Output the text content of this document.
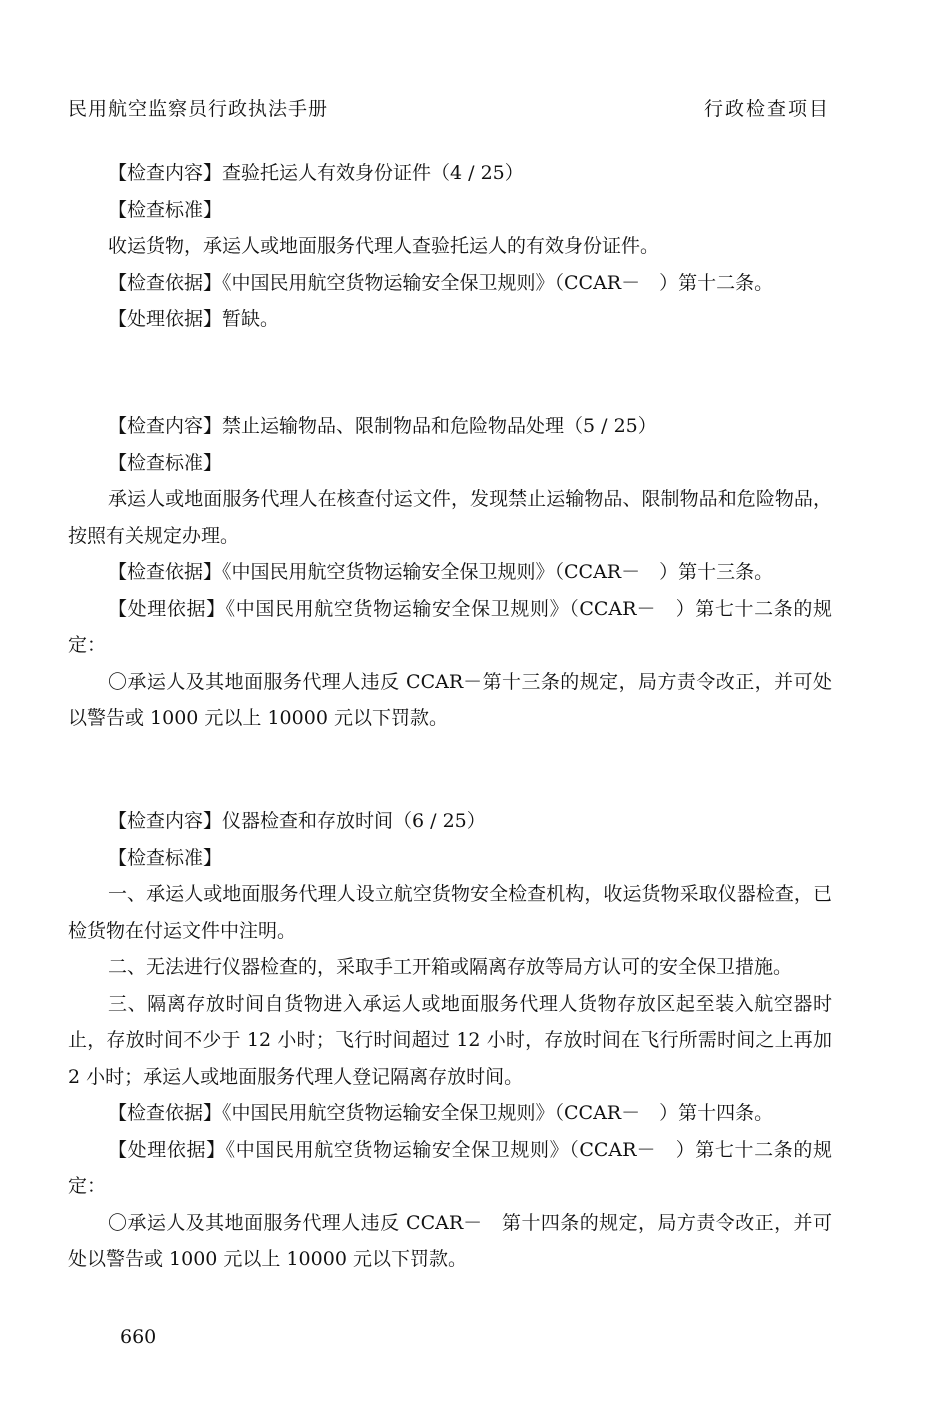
民用航空监察员行政执法手册	行政检查项目

【检查内容】查验托运人有效身份证件（4 / 25）

【检查标准】

收运货物，承运人或地面服务代理人查验托运人的有效身份证件。

【检查依据】《中国民用航空货物运输安全保卫规则》（CCAR－　）第十二条。

【处理依据】暂缺。

【检查内容】禁止运输物品、限制物品和危险物品处理（5 / 25）

【检查标准】

承运人或地面服务代理人在核查付运文件，发现禁止运输物品、限制物品和危险物品，按照有关规定办理。

【检查依据】《中国民用航空货物运输安全保卫规则》（CCAR－　）第十三条。

【处理依据】《中国民用航空货物运输安全保卫规则》（CCAR－　）第七十二条的规定：

〇承运人及其地面服务代理人违反 CCAR－第十三条的规定，局方责令改正，并可处以警告或 1000 元以上 10000 元以下罚款。

【检查内容】仪器检查和存放时间（6 / 25）

【检查标准】

一、承运人或地面服务代理人设立航空货物安全检查机构，收运货物采取仪器检查，已检货物在付运文件中注明。

二、无法进行仪器检查的，采取手工开箱或隔离存放等局方认可的安全保卫措施。

三、隔离存放时间自货物进入承运人或地面服务代理人货物存放区起至装入航空器时止，存放时间不少于 12 小时；飞行时间超过 12 小时，存放时间在飞行所需时间之上再加 2 小时；承运人或地面服务代理人登记隔离存放时间。

【检查依据】《中国民用航空货物运输安全保卫规则》（CCAR－　）第十四条。

【处理依据】《中国民用航空货物运输安全保卫规则》（CCAR－　）第七十二条的规定：

〇承运人及其地面服务代理人违反 CCAR－　第十四条的规定，局方责令改正，并可处以警告或 1000 元以上 10000 元以下罚款。

660
